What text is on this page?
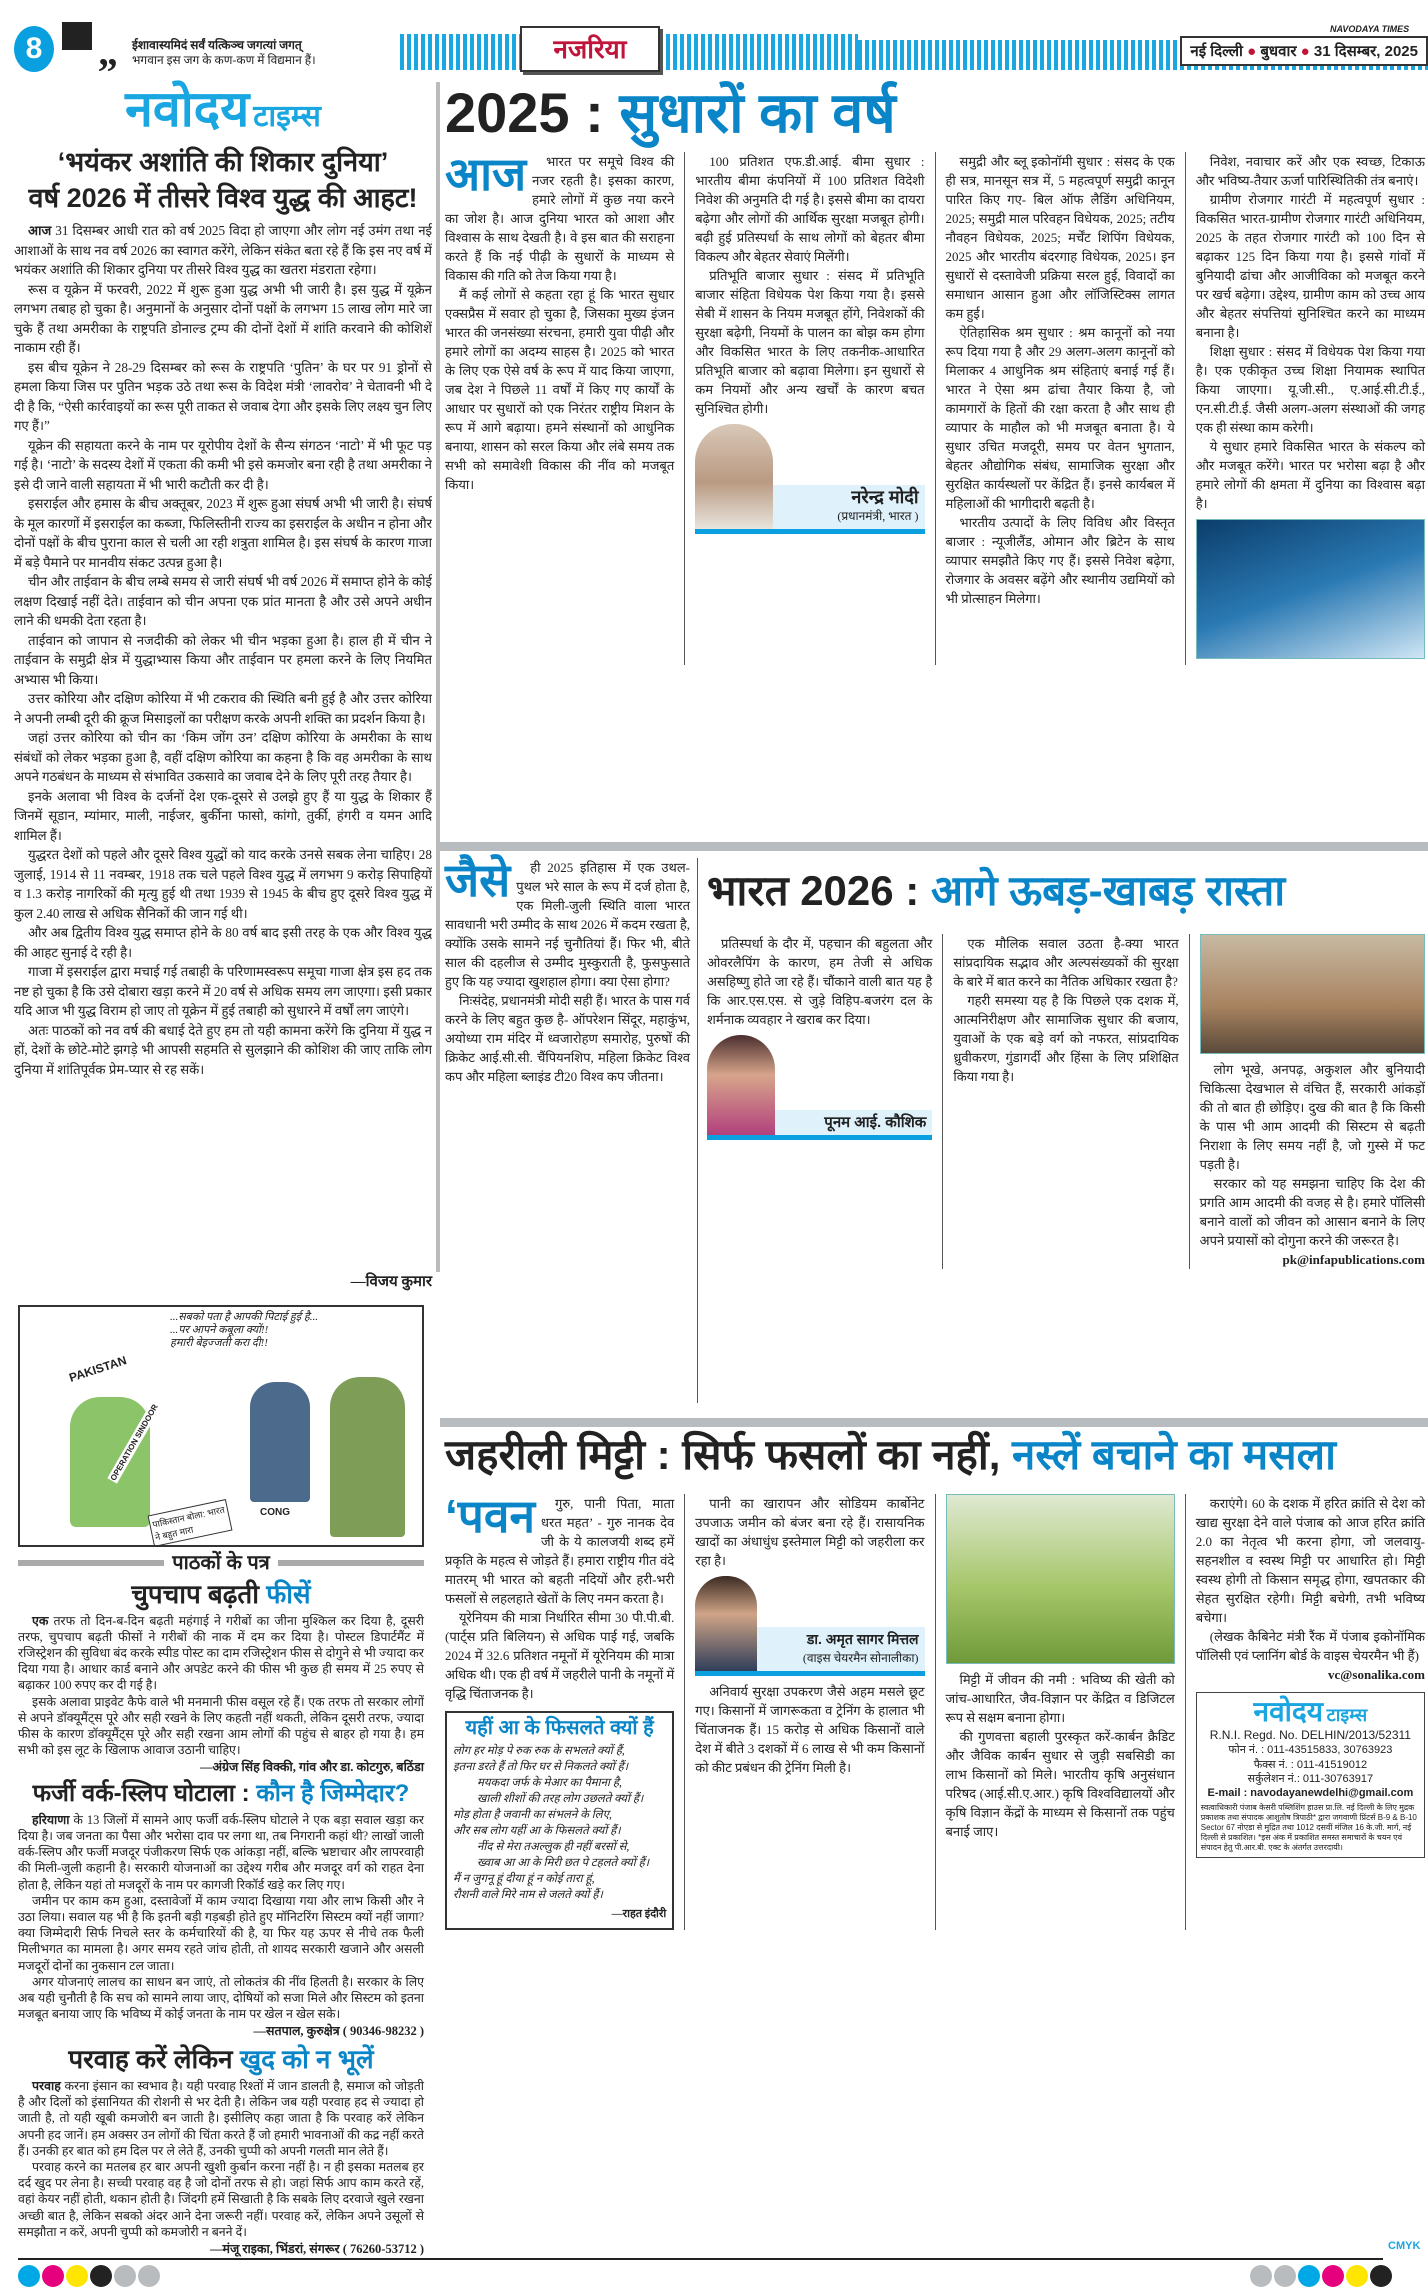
8 „ ईशावास्यमिदं सर्वं यत्किञ्च जगत्यां जगत्
भगवान इस जग के कण-कण में विद्यमान हैं।	नजरिया
NAVODAYA TIMES
नई दिल्ली ● बुधवार ● 31 दिसम्बर, 2025
नवोदय टाइम्स
‘भयंकर अशांति की शिकार दुनिया’
वर्ष 2026 में तीसरे विश्व युद्ध की आहट!

आज 31 दिसम्बर आधी रात को वर्ष 2025 विदा हो जाएगा और लोग नई उमंग तथा नई आशाओं के साथ नव वर्ष 2026 का स्वागत करेंगे, लेकिन संकेत बता रहे हैं कि इस नए वर्ष में भयंकर अशांति की शिकार दुनिया पर तीसरे विश्व युद्ध का खतरा मंडराता रहेगा।

रूस व यूक्रेन में फरवरी, 2022 में शुरू हुआ युद्ध अभी भी जारी है। इस युद्ध में यूक्रेन लगभग तबाह हो चुका है। अनुमानों के अनुसार दोनों पक्षों के लगभग 15 लाख लोग मारे जा चुके हैं तथा अमरीका के राष्ट्रपति डोनाल्ड ट्रम्प की दोनों देशों में शांति करवाने की कोशिशें नाकाम रही हैं।

इस बीच यूक्रेन ने 28-29 दिसम्बर को रूस के राष्ट्रपति ‘पुतिन’ के घर पर 91 ड्रोनों से हमला किया जिस पर पुतिन भड़क उठे तथा रूस के विदेश मंत्री ‘लावरोव’ ने चेतावनी भी दे दी है कि, “ऐसी कार्रवाइयों का रूस पूरी ताकत से जवाब देगा और इसके लिए लक्ष्य चुन लिए गए हैं।”

यूक्रेन की सहायता करने के नाम पर यूरोपीय देशों के सैन्य संगठन ‘नाटो’ में भी फूट पड़ गई है। ‘नाटो’ के सदस्य देशों में एकता की कमी भी इसे कमजोर बना रही है तथा अमरीका ने इसे दी जाने वाली सहायता में भी भारी कटौती कर दी है।

इसराईल और हमास के बीच अक्तूबर, 2023 में शुरू हुआ संघर्ष अभी भी जारी है। संघर्ष के मूल कारणों में इसराईल का कब्जा, फिलिस्तीनी राज्य का इसराईल के अधीन न होना और दोनों पक्षों के बीच पुराना काल से चली आ रही शत्रुता शामिल है। इस संघर्ष के कारण गाजा में बड़े पैमाने पर मानवीय संकट उत्पन्न हुआ है।

चीन और ताईवान के बीच लम्बे समय से जारी संघर्ष भी वर्ष 2026 में समाप्त होने के कोई लक्षण दिखाई नहीं देते। ताईवान को चीन अपना एक प्रांत मानता है और उसे अपने अधीन लाने की धमकी देता रहता है।

ताईवान को जापान से नजदीकी को लेकर भी चीन भड़का हुआ है। हाल ही में चीन ने ताईवान के समुद्री क्षेत्र में युद्धाभ्यास किया और ताईवान पर हमला करने के लिए नियमित अभ्यास भी किया।

उत्तर कोरिया और दक्षिण कोरिया में भी टकराव की स्थिति बनी हुई है और उत्तर कोरिया ने अपनी लम्बी दूरी की क्रूज मिसाइलों का परीक्षण करके अपनी शक्ति का प्रदर्शन किया है।

जहां उत्तर कोरिया को चीन का ‘किम जोंग उन’ दक्षिण कोरिया के अमरीका के साथ संबंधों को लेकर भड़का हुआ है, वहीं दक्षिण कोरिया का कहना है कि वह अमरीका के साथ अपने गठबंधन के माध्यम से संभावित उकसावे का जवाब देने के लिए पूरी तरह तैयार है।

इनके अलावा भी विश्व के दर्जनों देश एक-दूसरे से उलझे हुए हैं या युद्ध के शिकार हैं जिनमें सूडान, म्यांमार, माली, नाईजर, बुर्कीना फासो, कांगो, तुर्की, हंगरी व यमन आदि शामिल हैं।

युद्धरत देशों को पहले और दूसरे विश्व युद्धों को याद करके उनसे सबक लेना चाहिए। 28 जुलाई, 1914 से 11 नवम्बर, 1918 तक चले पहले विश्व युद्ध में लगभग 9 करोड़ सिपाहियों व 1.3 करोड़ नागरिकों की मृत्यु हुई थी तथा 1939 से 1945 के बीच हुए दूसरे विश्व युद्ध में कुल 2.40 लाख से अधिक सैनिकों की जान गई थी।

और अब द्वितीय विश्व युद्ध समाप्त होने के 80 वर्ष बाद इसी तरह के एक और विश्व युद्ध की आहट सुनाई दे रही है।

गाजा में इसराईल द्वारा मचाई गई तबाही के परिणामस्वरूप समूचा गाजा क्षेत्र इस हद तक नष्ट हो चुका है कि उसे दोबारा खड़ा करने में 20 वर्ष से अधिक समय लग जाएगा। इसी प्रकार यदि आज भी युद्ध विराम हो जाए तो यूक्रेन में हुई तबाही को सुधारने में वर्षों लग जाएंगे।

अतः पाठकों को नव वर्ष की बधाई देते हुए हम तो यही कामना करेंगे कि दुनिया में युद्ध न हों, देशों के छोटे-मोटे झगड़े भी आपसी सहमति से सुलझाने की कोशिश की जाए ताकि लोग दुनिया में शांतिपूर्वक प्रेम-प्यार से रह सकें।

—विजय कुमार
...सबको पता है आपकी पिटाई हुई है...
...पर आपने कबूला क्यों!!
हमारी बेइज्जती करा दी!!
PAKISTAN
OPERATION SINDOOR
CONG
पाकिस्तान बोला: भारत ने बहुत मारा
पाठकों के पत्र
चुपचाप बढ़ती फीसें

एक तरफ तो दिन-ब-दिन बढ़ती महंगाई ने गरीबों का जीना मुश्किल कर दिया है, दूसरी तरफ, चुपचाप बढ़ती फीसों ने गरीबों की नाक में दम कर दिया है। पोस्टल डिपार्टमैंट में रजिस्ट्रेशन की सुविधा बंद करके स्पीड पोस्ट का दाम रजिस्ट्रेशन फीस से दोगुने से भी ज्यादा कर दिया गया है। आधार कार्ड बनाने और अपडेट करने की फीस भी कुछ ही समय में 25 रुपए से बढ़ाकर 100 रुपए कर दी गई है।

इसके अलावा प्राइवेट कैफे वाले भी मनमानी फीस वसूल रहे हैं। एक तरफ तो सरकार लोगों से अपने डॉक्यूमैंट्स पूरे और सही रखने के लिए कहती नहीं थकती, लेकिन दूसरी तरफ, ज्यादा फीस के कारण डॉक्यूमैंट्स पूरे और सही रखना आम लोगों की पहुंच से बाहर हो गया है। हम सभी को इस लूट के खिलाफ आवाज उठानी चाहिए।

—अंग्रेज सिंह विक्की, गांव और डा. कोटगुरु, बठिंडा
फर्जी वर्क-स्लिप घोटाला : कौन है जिम्मेदार?

हरियाणा के 13 जिलों में सामने आए फर्जी वर्क-स्लिप घोटाले ने एक बड़ा सवाल खड़ा कर दिया है। जब जनता का पैसा और भरोसा दाव पर लगा था, तब निगरानी कहां थी? लाखों जाली वर्क-स्लिप और फर्जी मजदूर पंजीकरण सिर्फ एक आंकड़ा नहीं, बल्कि भ्रष्टाचार और लापरवाही की मिली-जुली कहानी है। सरकारी योजनाओं का उद्देश्य गरीब और मजदूर वर्ग को राहत देना होता है, लेकिन यहां तो मजदूरों के नाम पर कागजी रिकॉर्ड खड़े कर लिए गए।

जमीन पर काम कम हुआ, दस्तावेजों में काम ज्यादा दिखाया गया और लाभ किसी और ने उठा लिया। सवाल यह भी है कि इतनी बड़ी गड़बड़ी होते हुए मॉनिटरिंग सिस्टम क्यों नहीं जागा? क्या जिम्मेदारी सिर्फ निचले स्तर के कर्मचारियों की है, या फिर यह ऊपर से नीचे तक फैली मिलीभगत का मामला है। अगर समय रहते जांच होती, तो शायद सरकारी खजाने और असली मजदूरों दोनों का नुकसान टल जाता।

अगर योजनाएं लालच का साधन बन जाएं, तो लोकतंत्र की नींव हिलती है। सरकार के लिए अब यही चुनौती है कि सच को सामने लाया जाए, दोषियों को सजा मिले और सिस्टम को इतना मजबूत बनाया जाए कि भविष्य में कोई जनता के नाम पर खेल न खेल सके।

—सतपाल, कुरुक्षेत्र ( 90346-98232 )
परवाह करें लेकिन खुद को न भूलें

परवाह करना इंसान का स्वभाव है। यही परवाह रिश्तों में जान डालती है, समाज को जोड़ती है और दिलों को इंसानियत की रोशनी से भर देती है। लेकिन जब यही परवाह हद से ज्यादा हो जाती है, तो यही खूबी कमजोरी बन जाती है। इसीलिए कहा जाता है कि परवाह करें लेकिन अपनी हद जानें। हम अक्सर उन लोगों की चिंता करते हैं जो हमारी भावनाओं की कद्र नहीं करते हैं। उनकी हर बात को हम दिल पर ले लेते हैं, उनकी चुप्पी को अपनी गलती मान लेते हैं।

परवाह करने का मतलब हर बार अपनी खुशी कुर्बान करना नहीं है। न ही इसका मतलब हर दर्द खुद पर लेना है। सच्ची परवाह वह है जो दोनों तरफ से हो। जहां सिर्फ आप काम करते रहें, वहां केयर नहीं होती, थकान होती है। जिंदगी हमें सिखाती है कि सबके लिए दरवाजे खुले रखना अच्छी बात है, लेकिन सबको अंदर आने देना जरूरी नहीं। परवाह करें, लेकिन अपने उसूलों से समझौता न करें, अपनी चुप्पी को कमजोरी न बनने दें।

—मंजू राइका, भिंडरां, संगरूर ( 76260-53712 )
2025 : सुधारों का वर्ष
आज	भारत पर समूचे विश्व की नजर रहती है। इसका कारण, हमारे लोगों में कुछ नया करने का जोश है। आज दुनिया भारत को आशा और विश्वास के साथ देखती है। वे इस बात की सराहना करते हैं कि नई पीढ़ी के सुधारों के माध्यम से विकास की गति को तेज किया गया है।

मैं कई लोगों से कहता रहा हूं कि भारत सुधार एक्सप्रैस में सवार हो चुका है, जिसका मुख्य इंजन भारत की जनसंख्या संरचना, हमारी युवा पीढ़ी और हमारे लोगों का अदम्य साहस है। 2025 को भारत के लिए एक ऐसे वर्ष के रूप में याद किया जाएगा, जब देश ने पिछले 11 वर्षों में किए गए कार्यों के आधार पर सुधारों को एक निरंतर राष्ट्रीय मिशन के रूप में आगे बढ़ाया। हमने संस्थानों को आधुनिक बनाया, शासन को सरल किया और लंबे समय तक सभी को समावेशी विकास की नींव को मजबूत किया।

100 प्रतिशत एफ.डी.आई. बीमा सुधार : भारतीय बीमा कंपनियों में 100 प्रतिशत विदेशी निवेश की अनुमति दी गई है। इससे बीमा का दायरा बढ़ेगा और लोगों की आर्थिक सुरक्षा मजबूत होगी। बढ़ी हुई प्रतिस्पर्धा के साथ लोगों को बेहतर बीमा विकल्प और बेहतर सेवाएं मिलेंगी।

प्रतिभूति बाजार सुधार : संसद में प्रतिभूति बाजार संहिता विधेयक पेश किया गया है। इससे सेबी में शासन के नियम मजबूत होंगे, निवेशकों की सुरक्षा बढ़ेगी, नियमों के पालन का बोझ कम होगा और विकसित भारत के लिए तकनीक-आधारित प्रतिभूति बाजार को बढ़ावा मिलेगा। इन सुधारों से कम नियमों और अन्य खर्चों के कारण बचत सुनिश्चित होगी।

नरेन्द्र मोदी
(प्रधानमंत्री, भारत )

समुद्री और ब्लू इकोनॉमी सुधार : संसद के एक ही सत्र, मानसून सत्र में, 5 महत्वपूर्ण समुद्री कानून पारित किए गए- बिल ऑफ लैडिंग अधिनियम, 2025; समुद्री माल परिवहन विधेयक, 2025; तटीय नौवहन विधेयक, 2025; मर्चेंट शिपिंग विधेयक, 2025 और भारतीय बंदरगाह विधेयक, 2025। इन सुधारों से दस्तावेजी प्रक्रिया सरल हुई, विवादों का समाधान आसान हुआ और लॉजिस्टिक्स लागत कम हुई।

ऐतिहासिक श्रम सुधार : श्रम कानूनों को नया रूप दिया गया है और 29 अलग-अलग कानूनों को मिलाकर 4 आधुनिक श्रम संहिताएं बनाई गई हैं। भारत ने ऐसा श्रम ढांचा तैयार किया है, जो कामगारों के हितों की रक्षा करता है और साथ ही व्यापार के माहौल को भी मजबूत बनाता है। ये सुधार उचित मजदूरी, समय पर वेतन भुगतान, बेहतर औद्योगिक संबंध, सामाजिक सुरक्षा और सुरक्षित कार्यस्थलों पर केंद्रित हैं। इनसे कार्यबल में महिलाओं की भागीदारी बढ़ती है।

भारतीय उत्पादों के लिए विविध और विस्तृत बाजार : न्यूजीलैंड, ओमान और ब्रिटेन के साथ व्यापार समझौते किए गए हैं। इससे निवेश बढ़ेगा, रोजगार के अवसर बढ़ेंगे और स्थानीय उद्यमियों को भी प्रोत्साहन मिलेगा।

निवेश, नवाचार करें और एक स्वच्छ, टिकाऊ और भविष्य-तैयार ऊर्जा पारिस्थितिकी तंत्र बनाएं।

ग्रामीण रोजगार गारंटी में महत्वपूर्ण सुधार : विकसित भारत-ग्रामीण रोजगार गारंटी अधिनियम, 2025 के तहत रोजगार गारंटी को 100 दिन से बढ़ाकर 125 दिन किया गया है। इससे गांवों में बुनियादी ढांचा और आजीविका को मजबूत करने पर खर्च बढ़ेगा। उद्देश्य, ग्रामीण काम को उच्च आय और बेहतर संपत्तियां सुनिश्चित करने का माध्यम बनाना है।

शिक्षा सुधार : संसद में विधेयक पेश किया गया है। एक एकीकृत उच्च शिक्षा नियामक स्थापित किया जाएगा। यू.जी.सी., ए.आई.सी.टी.ई., एन.सी.टी.ई. जैसी अलग-अलग संस्थाओं की जगह एक ही संस्था काम करेगी।

ये सुधार हमारे विकसित भारत के संकल्प को और मजबूत करेंगे। भारत पर भरोसा बढ़ा है और हमारे लोगों की क्षमता में दुनिया का विश्वास बढ़ा है।

जैसे	ही 2025 इतिहास में एक उथल-पुथल भरे साल के रूप में दर्ज होता है, एक मिली-जुली स्थिति वाला भारत सावधानी भरी उम्मीद के साथ 2026 में कदम रखता है, क्योंकि उसके सामने नई चुनौतियां हैं। फिर भी, बीते साल की दहलीज से उम्मीद मुस्कुराती है, फुसफुसाते हुए कि यह ज्यादा खुशहाल होगा। क्या ऐसा होगा?

निःसंदेह, प्रधानमंत्री मोदी सही हैं। भारत के पास गर्व करने के लिए बहुत कुछ है- ऑपरेशन सिंदूर, महाकुंभ, अयोध्या राम मंदिर में ध्वजारोहण समारोह, पुरुषों की क्रिकेट आई.सी.सी. चैंपियनशिप, महिला क्रिकेट विश्व कप और महिला ब्लाइंड टी20 विश्व कप जीतना।

भारत 2026 : आगे ऊबड़-खाबड़ रास्ता

प्रतिस्पर्धा के दौर में, पहचान की बहुलता और ओवरलैपिंग के कारण, हम तेजी से अधिक असहिष्णु होते जा रहे हैं। चौंकाने वाली बात यह है कि आर.एस.एस. से जुड़े विहिप-बजरंग दल के शर्मनाक व्यवहार ने खराब कर दिया।

पूनम आई. कौशिक

एक मौलिक सवाल उठता है-क्या भारत सांप्रदायिक सद्भाव और अल्पसंख्यकों की सुरक्षा के बारे में बात करने का नैतिक अधिकार रखता है?

गहरी समस्या यह है कि पिछले एक दशक में, आत्मनिरीक्षण और सामाजिक सुधार की बजाय, युवाओं के एक बड़े वर्ग को नफरत, सांप्रदायिक ध्रुवीकरण, गुंडागर्दी और हिंसा के लिए प्रशिक्षित किया गया है।	लोग भूखे, अनपढ़, अकुशल और बुनियादी चिकित्सा देखभाल से वंचित हैं, सरकारी आंकड़ों की तो बात ही छोड़िए। दुख की बात है कि किसी के पास भी आम आदमी की सिस्टम से बढ़ती निराशा के लिए समय नहीं है, जो गुस्से में फट पड़ती है।

सरकार को यह समझना चाहिए कि देश की प्रगति आम आदमी की वजह से है। हमारे पॉलिसी बनाने वालों को जीवन को आसान बनाने के लिए अपने प्रयासों को दोगुना करने की जरूरत है।

pk@infapublications.com
जहरीली मिट्टी : सिर्फ फसलों का नहीं, नस्लें बचाने का मसला
‘पवन	गुरु, पानी पिता, माता धरत महत’ - गुरु नानक देव जी के ये कालजयी शब्द हमें प्रकृति के महत्व से जोड़ते हैं। हमारा राष्ट्रीय गीत वंदे मातरम् भी भारत को बहती नदियों और हरी-भरी फसलों से लहलहाते खेतों के लिए नमन करता है।

यूरेनियम की मात्रा निर्धारित सीमा 30 पी.पी.बी. (पार्ट्स प्रति बिलियन) से अधिक पाई गई, जबकि 2024 में 32.6 प्रतिशत नमूनों में यूरेनियम की मात्रा अधिक थी। एक ही वर्ष में जहरीले पानी के नमूनों में वृद्धि चिंताजनक है।

यहीं आ के फिसलते क्यों हैं
लोग हर मोड़ पे रुक रुक के सभलते क्यों हैं,
इतना डरते हैं तो फिर घर से निकलते क्यों हैं।
मयकदा जर्फ के मेआर का पैमाना है,
खाली शीशों की तरह लोग उछलते क्यों हैं।
मोड़ होता है जवानी का संभलने के लिए,
और सब लोग यहीं आ के फिसलते क्यों हैं।
नींद से मेरा तअल्लुक ही नहीं बरसों से,
ख्वाब आ आ के मिरी छत पे टहलते क्यों हैं।
मैं न जुगनू हूं दीया हूं न कोई तारा हूं,
रौशनी वाले मिरे नाम से जलते क्यों हैं।
—राहत इंदौरी

पानी का खारापन और सोडियम कार्बोनेट उपजाऊ जमीन को बंजर बना रहे हैं। रासायनिक खादों का अंधाधुंध इस्तेमाल मिट्टी को जहरीला कर रहा है।

डा. अमृत सागर मित्तल
(वाइस चेयरमैन सोनालीका)

अनिवार्य सुरक्षा उपकरण जैसे अहम मसले छूट गए। किसानों में जागरूकता व ट्रेनिंग के हालात भी चिंताजनक हैं। 15 करोड़ से अधिक किसानों वाले देश में बीते 3 दशकों में 6 लाख से भी कम किसानों को कीट प्रबंधन की ट्रेनिंग मिली है।

मिट्टी में जीवन की नमी : भविष्य की खेती को जांच-आधारित, जैव-विज्ञान पर केंद्रित व डिजिटल रूप से सक्षम बनाना होगा।

की गुणवत्ता बहाली पुरस्कृत करें-कार्बन क्रैडिट और जैविक कार्बन सुधार से जुड़ी सबसिडी का लाभ किसानों को मिले। भारतीय कृषि अनुसंधान परिषद (आई.सी.ए.आर.) कृषि विश्वविद्यालयों और कृषि विज्ञान केंद्रों के माध्यम से किसानों तक पहुंच बनाई जाए।

कराएंगे। 60 के दशक में हरित क्रांति से देश को खाद्य सुरक्षा देने वाले पंजाब को आज हरित क्रांति 2.0 का नेतृत्व भी करना होगा, जो जलवायु-सहनशील व स्वस्थ मिट्टी पर आधारित हो। मिट्टी स्वस्थ होगी तो किसान समृद्ध होगा, खपतकार की सेहत सुरक्षित रहेगी। मिट्टी बचेगी, तभी भविष्य बचेगा।

(लेखक कैबिनेट मंत्री रैंक में पंजाब इकोनॉमिक पॉलिसी एवं प्लानिंग बोर्ड के वाइस चेयरमैन भी हैं)

vc@sonalika.com
नवोदय टाइम्स
R.N.I. Regd. No. DELHIN/2013/52311
फोन नं. : 011-43515833, 30763923
फैक्स नं. : 011-41519012
सर्कुलेशन नं.: 011-30763917
E-mail : navodayanewdelhi@gmail.com
स्वत्वाधिकारी पंजाब केसरी पब्लिशिंग हाउस प्रा.लि. नई दिल्ली के लिए मुद्रक प्रकाशक तथा संपादक आशुतोष त्रिपाठी* द्वारा जगवाणी प्रिंटर्स B-9 & B-10 Sector 67 नोएडा से मुद्रित तथा 1012 दसवीं मंजिल 16 के.जी. मार्ग, नई दिल्ली से प्रकाशित। *इस अंक में प्रकाशित समस्त समाचारों के चयन एवं संपादन हेतु पी.आर.बी. एक्ट के अंतर्गत उत्तरदायी।
CMYK
